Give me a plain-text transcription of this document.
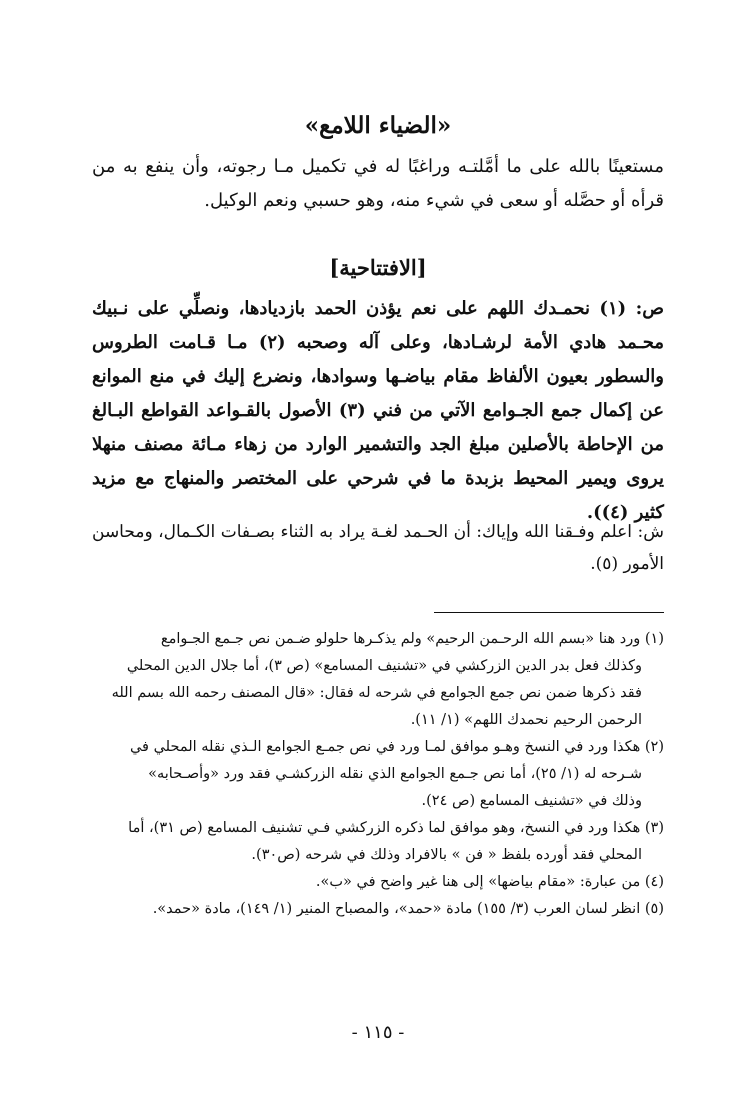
«الضياء اللامع»

مستعينًا بالله على ما أمَّلتـه وراغبًا له في تكميل مـا رجوته، وأن ينفع به من قرأه أو حصَّله أو سعى في شيء منه، وهو حسبي ونعم الوكيل.

[الافتتاحية]

ص: (١) نحمـدك اللهم على نعم يؤذن الحمد بازديادها، ونصلِّي على نـبيك محـمد هادي الأمة لرشـادها، وعلى آله وصحبه (٢) مـا قـامت الطروس والسطور بعيون الألفاظ مقام بياضـها وسوادها، ونضرع إليك في منع الموانع عن إكمال جمع الجـوامع الآتي من فني (٣) الأصول بالقـواعد القواطع البـالغ من الإحاطة بالأصلين مبلغ الجد والتشمير الوارد من زهاء مـائة مصنف منهلا يروى ويمير المحيط بزبدة ما في شرحي على المختصر والمنهاج مع مزيد كثير (٤)).

ش: اعلم وفـقنا الله وإياك: أن الحـمد لغـة يراد به الثناء بصـفات الكـمال، ومحاسن الأمور (٥).

(١) ورد هنا «بسم الله الرحـمن الرحيم» ولم يذكـرها حلولو ضـمن نص جـمع الجـوامع
وكذلك فعل بدر الدين الزركشي في «تشنيف المسامع» (ص ٣)، أما جلال الدين المحلي
فقد ذكرها ضمن نص جمع الجوامع في شرحه له فقال: «قال المصنف رحمه الله بسم الله
الرحمن الرحيم نحمدك اللهم» (١/ ١١).
(٢) هكذا ورد في النسخ وهـو موافق لمـا ورد في نص جمـع الجوامع الـذي نقله المحلي في
شـرحه له (١/ ٢٥)، أما نص جـمع الجوامع الذي نقله الزركشـي فقد ورد «وأصـحابه»
وذلك في «تشنيف المسامع (ص ٢٤).
(٣) هكذا ورد في النسخ، وهو موافق لما ذكره الزركشي فـي تشنيف المسامع (ص ٣١)، أما
المحلي فقد أورده بلفظ « فن » بالافراد وذلك في شرحه (ص٣٠).
(٤) من عبارة: «مقام بياضها» إلى هنا غير واضح في «ب».
(٥) انظر لسان العرب (٣/ ١٥٥) مادة «حمد»، والمصباح المنير (١/ ١٤٩)، مادة «حمد».
- ١١٥ -
